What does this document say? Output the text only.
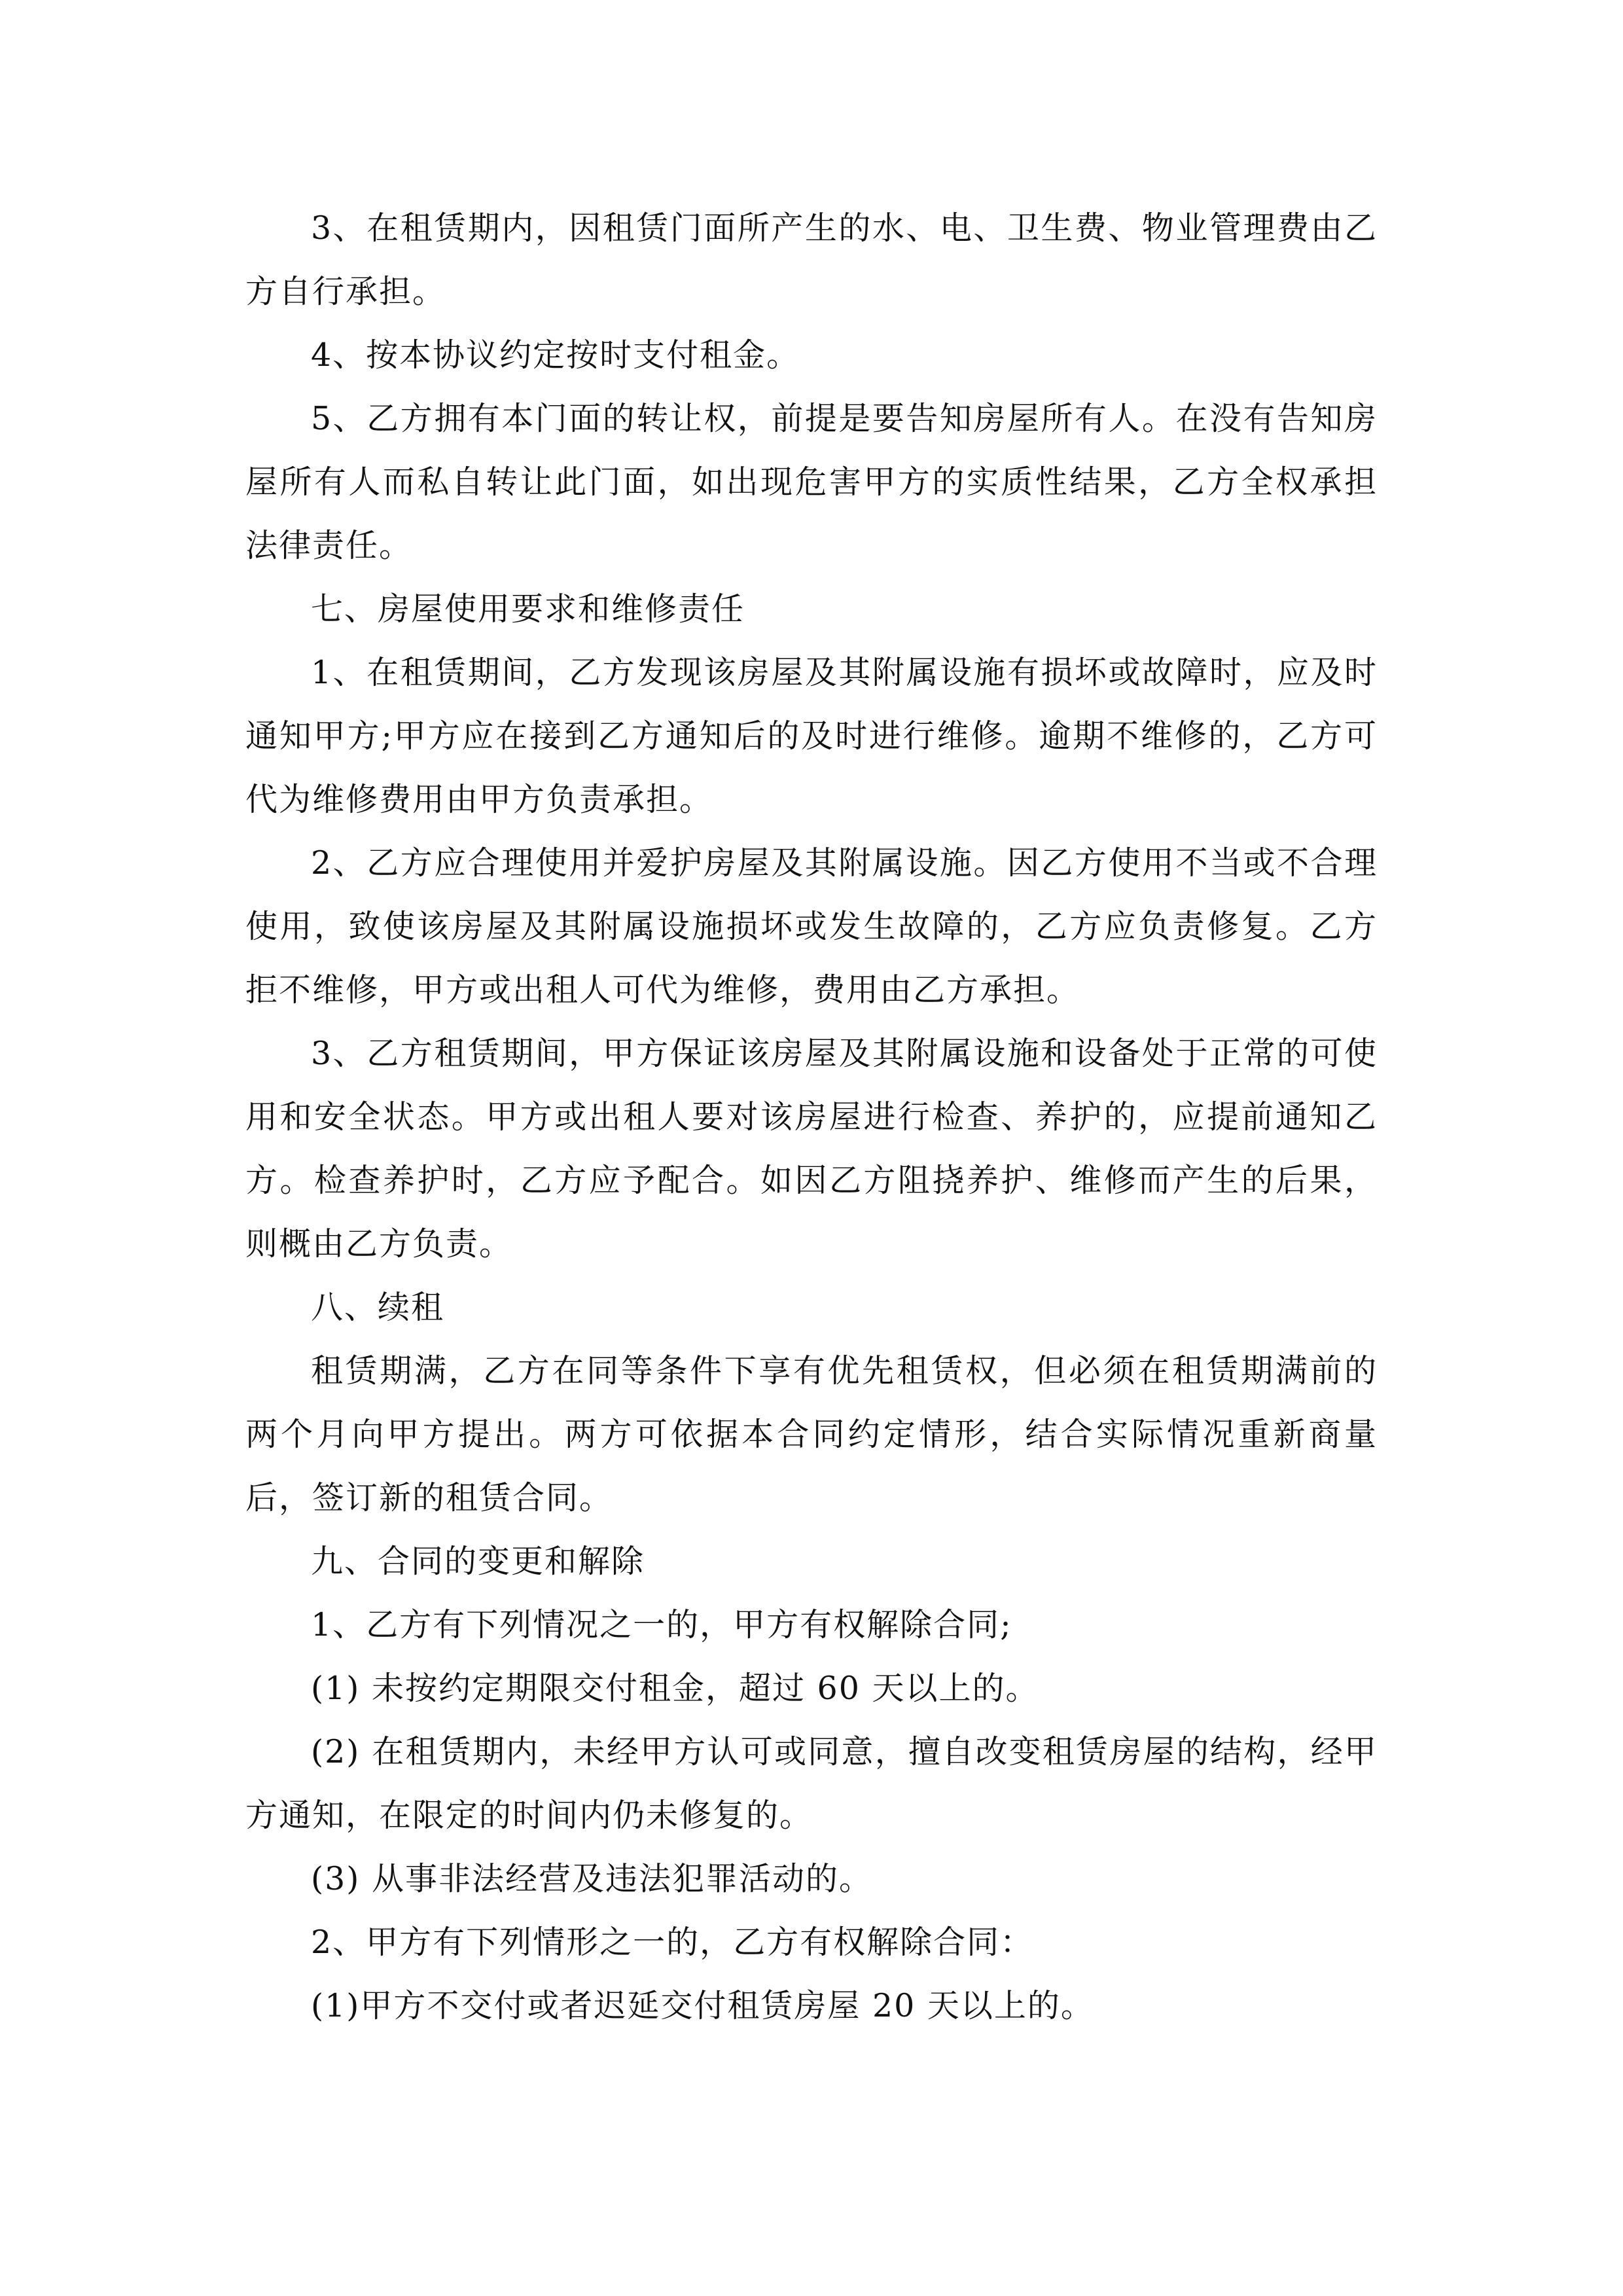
3、在租赁期内，因租赁门面所产生的水、电、卫生费、物业管理费由乙方自行承担。

4、按本协议约定按时支付租金。

5、乙方拥有本门面的转让权，前提是要告知房屋所有人。在没有告知房屋所有人而私自转让此门面，如出现危害甲方的实质性结果，乙方全权承担法律责任。

七、房屋使用要求和维修责任

1、在租赁期间，乙方发现该房屋及其附属设施有损坏或故障时，应及时通知甲方;甲方应在接到乙方通知后的及时进行维修。逾期不维修的，乙方可代为维修费用由甲方负责承担。

2、乙方应合理使用并爱护房屋及其附属设施。因乙方使用不当或不合理使用，致使该房屋及其附属设施损坏或发生故障的，乙方应负责修复。乙方拒不维修，甲方或出租人可代为维修，费用由乙方承担。

3、乙方租赁期间，甲方保证该房屋及其附属设施和设备处于正常的可使用和安全状态。甲方或出租人要对该房屋进行检查、养护的，应提前通知乙方。检查养护时，乙方应予配合。如因乙方阻挠养护、维修而产生的后果，则概由乙方负责。

八、续租

租赁期满，乙方在同等条件下享有优先租赁权，但必须在租赁期满前的两个月向甲方提出。两方可依据本合同约定情形，结合实际情况重新商量后，签订新的租赁合同。

九、合同的变更和解除

1、乙方有下列情况之一的，甲方有权解除合同;

(1) 未按约定期限交付租金，超过 60 天以上的。

(2) 在租赁期内，未经甲方认可或同意，擅自改变租赁房屋的结构，经甲方通知，在限定的时间内仍未修复的。

(3) 从事非法经营及违法犯罪活动的。

2、甲方有下列情形之一的，乙方有权解除合同：

(1)甲方不交付或者迟延交付租赁房屋 20 天以上的。
